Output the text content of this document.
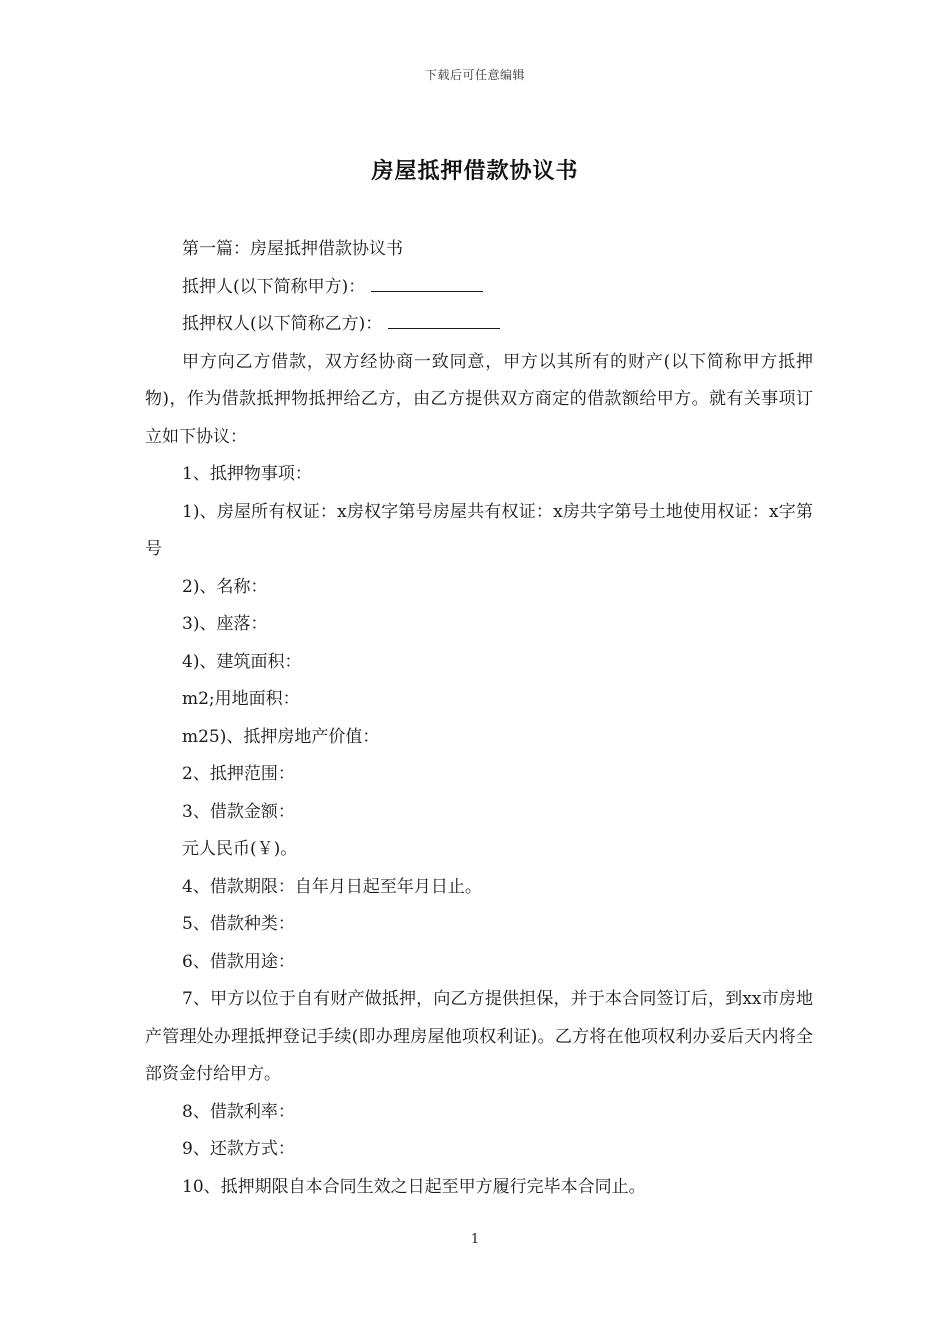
下载后可任意编辑
房屋抵押借款协议书

第一篇：房屋抵押借款协议书

抵押人(以下简称甲方)：

抵押权人(以下简称乙方)：

甲方向乙方借款，双方经协商一致同意，甲方以其所有的财产(以下简称甲方抵押物)，作为借款抵押物抵押给乙方，由乙方提供双方商定的借款额给甲方。就有关事项订立如下协议：

1、抵押物事项：

1)、房屋所有权证：x房权字第号房屋共有权证：x房共字第号土地使用权证：x字第号

2)、名称：

3)、座落：

4)、建筑面积：

m2;用地面积：

m25)、抵押房地产价值：

2、抵押范围：

3、借款金额：

元人民币(￥)。

4、借款期限：自年月日起至年月日止。

5、借款种类：

6、借款用途：

7、甲方以位于自有财产做抵押，向乙方提供担保，并于本合同签订后，到xx市房地产管理处办理抵押登记手续(即办理房屋他项权利证)。乙方将在他项权利办妥后天内将全部资金付给甲方。

8、借款利率：

9、还款方式：

10、抵押期限自本合同生效之日起至甲方履行完毕本合同止。

1
